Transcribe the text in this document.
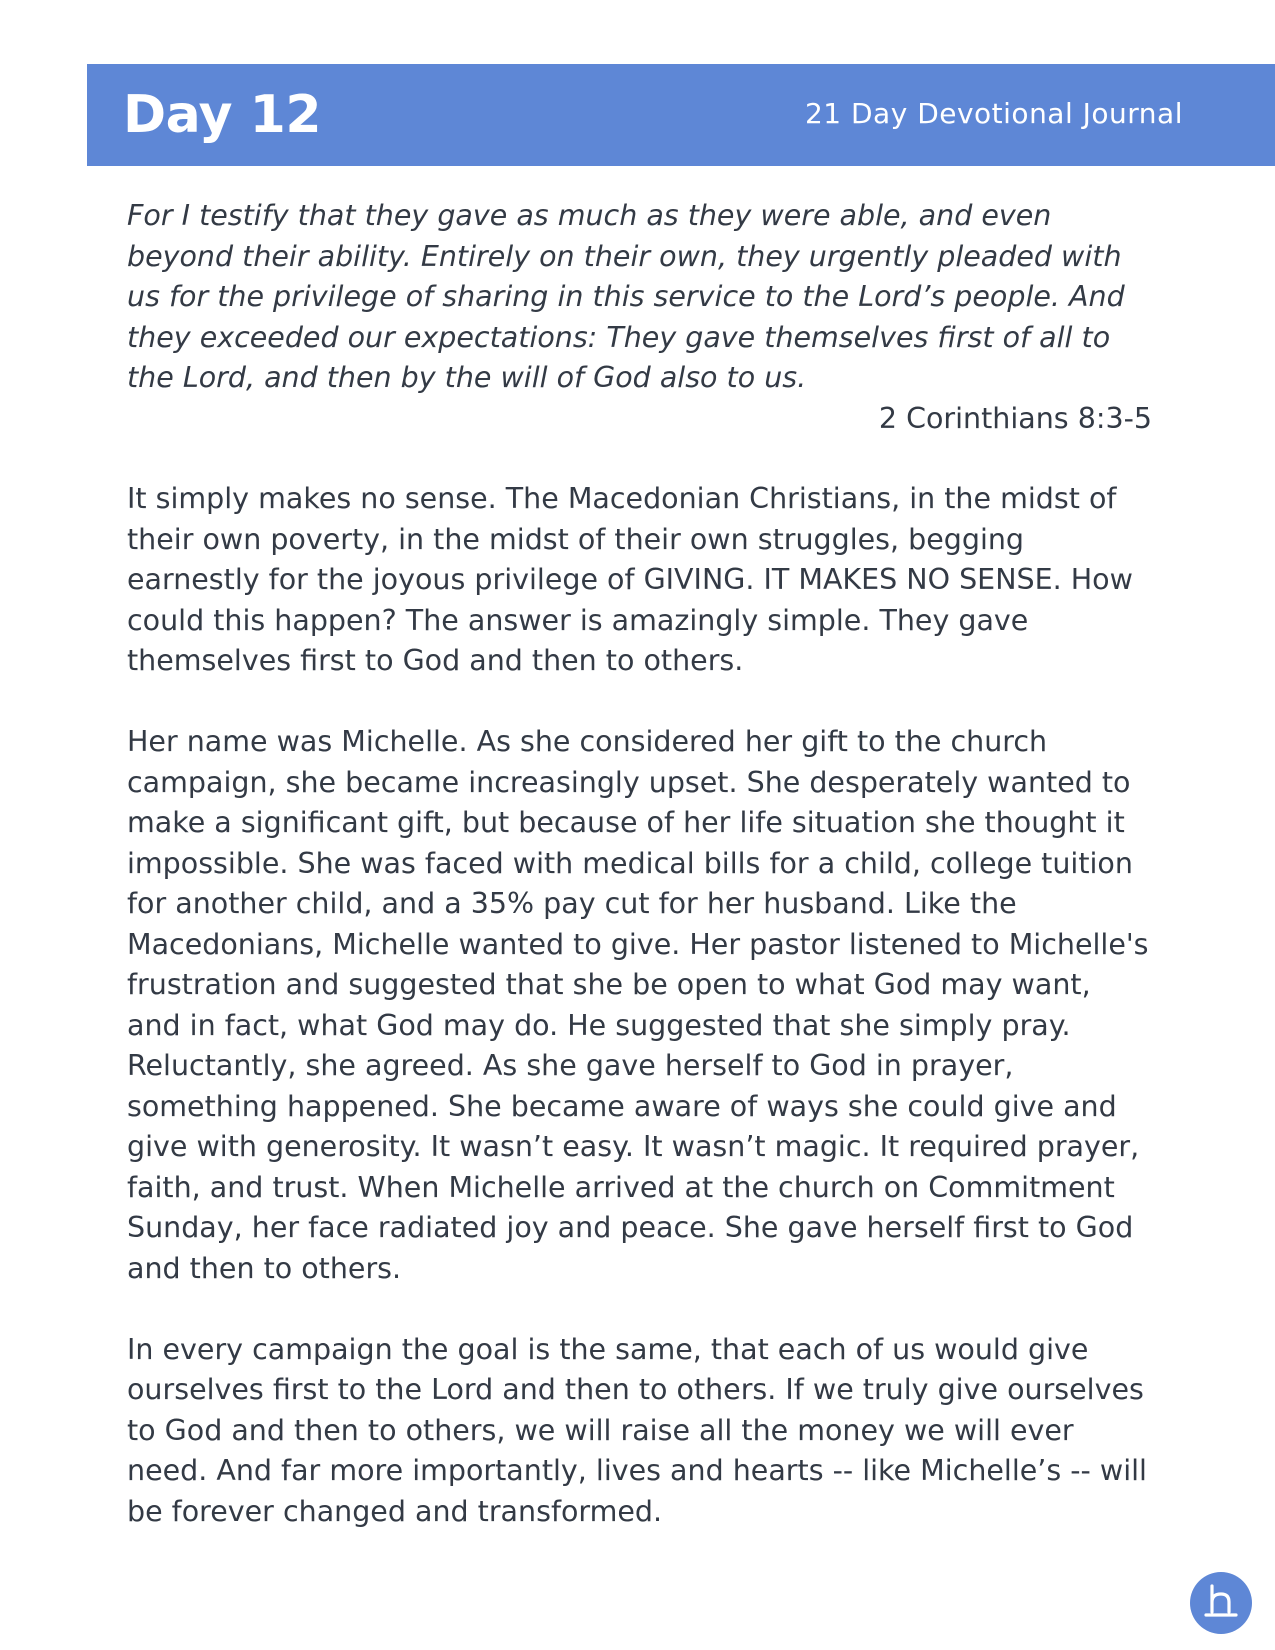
Day 12	21 Day Devotional Journal

For I testify that they gave as much as they were able, and even beyond their ability. Entirely on their own, they urgently pleaded with us for the privilege of sharing in this service to the Lord’s people. And they exceeded our expectations: They gave themselves first of all to the Lord, and then by the will of God also to us.

2 Corinthians 8:3-5

It simply makes no sense. The Macedonian Christians, in the midst of their own poverty, in the midst of their own struggles, begging earnestly for the joyous privilege of GIVING. IT MAKES NO SENSE. How could this happen? The answer is amazingly simple. They gave themselves first to God and then to others.

Her name was Michelle. As she considered her gift to the church campaign, she became increasingly upset. She desperately wanted to make a significant gift, but because of her life situation she thought it impossible. She was faced with medical bills for a child, college tuition for another child, and a 35% pay cut for her husband. Like the Macedonians, Michelle wanted to give. Her pastor listened to Michelle's frustration and suggested that she be open to what God may want, and in fact, what God may do. He suggested that she simply pray. Reluctantly, she agreed. As she gave herself to God in prayer, something happened. She became aware of ways she could give and give with generosity. It wasn’t easy. It wasn’t magic. It required prayer, faith, and trust. When Michelle arrived at the church on Commitment Sunday, her face radiated joy and peace. She gave herself first to God and then to others.

In every campaign the goal is the same, that each of us would give ourselves first to the Lord and then to others. If we truly give ourselves to God and then to others, we will raise all the money we will ever need. And far more importantly, lives and hearts -- like Michelle’s -- will be forever changed and transformed.
